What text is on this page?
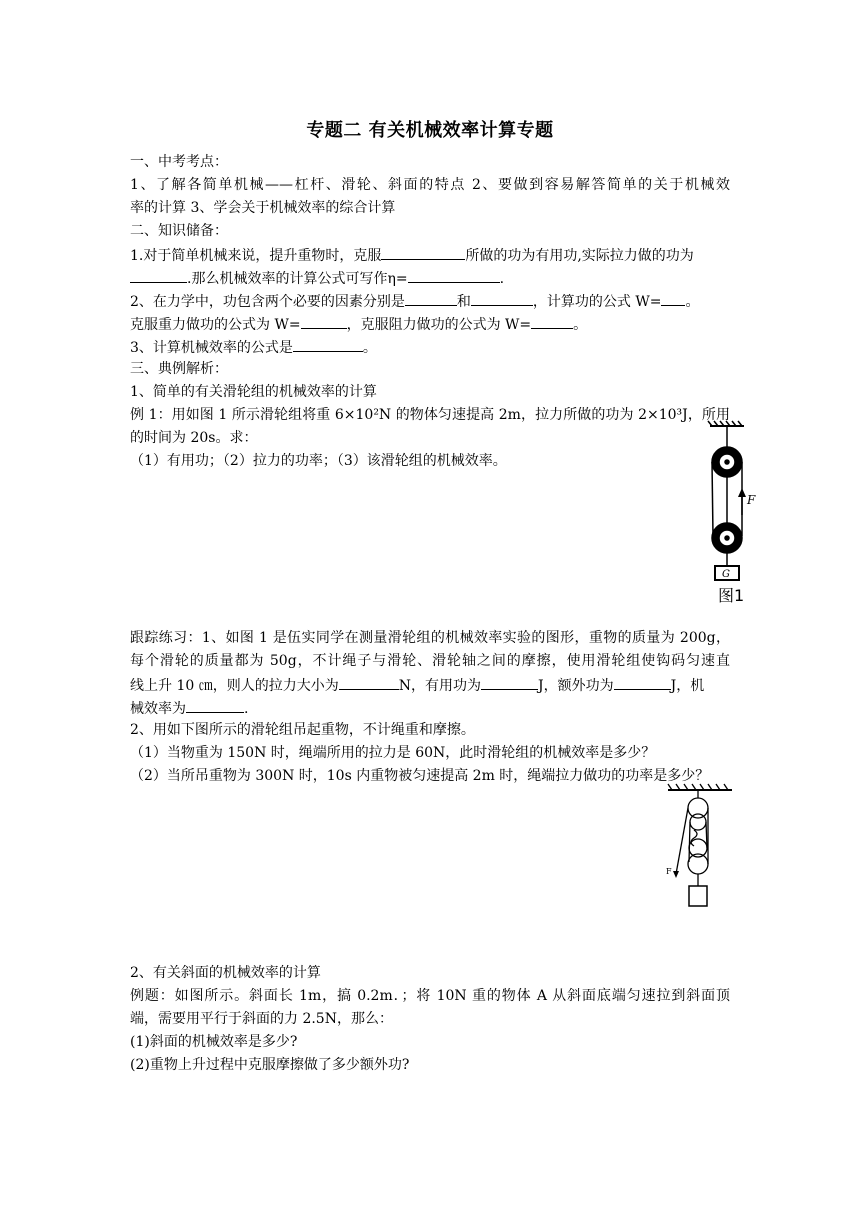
专题二 有关机械效率计算专题
一、中考考点：
1、了解各简单机械——杠杆、滑轮、斜面的特点 2、要做到容易解答简单的关于机械效
率的计算 3、学会关于机械效率的综合计算
二、知识储备：
1.对于简单机械来说，提升重物时，克服	所做的功为有用功,实际拉力做的功为
.那么机械效率的计算公式可写作η=	.
2、在力学中，功包含两个必要的因素分别是	和	，计算功的公式 W= 。
克服重力做功的公式为 W=	，克服阻力做功的公式为 W=	。
3、计算机械效率的公式是	。
三、典例解析：
1、简单的有关滑轮组的机械效率的计算
例 1：用如图 1 所示滑轮组将重 6×10²N 的物体匀速提高 2m，拉力所做的功为 2×10³J，所用
的时间为 20s。求：
（1）有用功；（2）拉力的功率；（3）该滑轮组的机械效率。
F
G
图1
跟踪练习：1、如图 1 是伍实同学在测量滑轮组的机械效率实验的图形，重物的质量为 200g，
每个滑轮的质量都为 50g，不计绳子与滑轮、滑轮轴之间的摩擦，使用滑轮组使钩码匀速直
线上升 10 ㎝，则人的拉力大小为	N，有用功为	J，额外功为	J，机
械效率为	.
2、用如下图所示的滑轮组吊起重物，不计绳重和摩擦。
（1）当物重为 150N 时，绳端所用的拉力是 60N，此时滑轮组的机械效率是多少？
（2）当所吊重物为 300N 时，10s 内重物被匀速提高 2m 时，绳端拉力做功的功率是多少？
F
2、有关斜面的机械效率的计算
例题：如图所示。斜面长 1m，搞 0.2m．；将 10N 重的物体 A 从斜面底端匀速拉到斜面顶
端，需要用平行于斜面的力 2.5N，那么：
(1)斜面的机械效率是多少?
(2)重物上升过程中克服摩擦做了多少额外功?
